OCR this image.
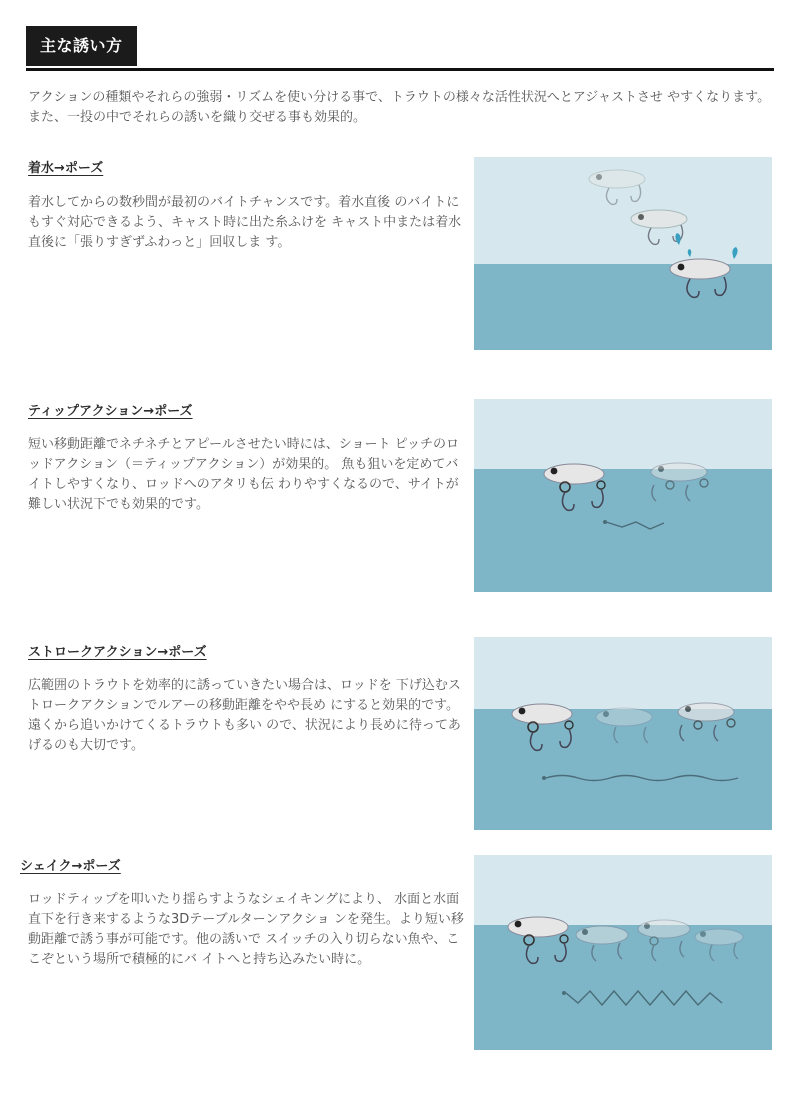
主な誘い方

アクションの種類やそれらの強弱・リズムを使い分ける事で、トラウトの様々な活性状況へとアジャストさせ やすくなります。また、一投の中でそれらの誘いを織り交ぜる事も効果的。

着水→ポーズ

着水してからの数秒間が最初のバイトチャンスです。着水直後 のバイトにもすぐ対応できるよう、キャスト時に出た糸ふけを キャスト中または着水直後に「張りすぎずふわっと」回収しま す。

ティップアクション→ポーズ

短い移動距離でネチネチとアピールさせたい時には、ショート ピッチのロッドアクション（＝ティップアクション）が効果的。 魚も狙いを定めてバイトしやすくなり、ロッドへのアタリも伝 わりやすくなるので、サイトが難しい状況下でも効果的です。

ストロークアクション→ポーズ

広範囲のトラウトを効率的に誘っていきたい場合は、ロッドを 下げ込むストロークアクションでルアーの移動距離をやや長め にすると効果的です。遠くから追いかけてくるトラウトも多い ので、状況により長めに待ってあげるのも大切です。

シェイク→ポーズ

ロッドティップを叩いたり揺らすようなシェイキングにより、 水面と水面直下を行き来するような3Dテーブルターンアクショ ンを発生。より短い移動距離で誘う事が可能です。他の誘いで スイッチの入り切らない魚や、ここぞという場所で積極的にバ イトへと持ち込みたい時に。
